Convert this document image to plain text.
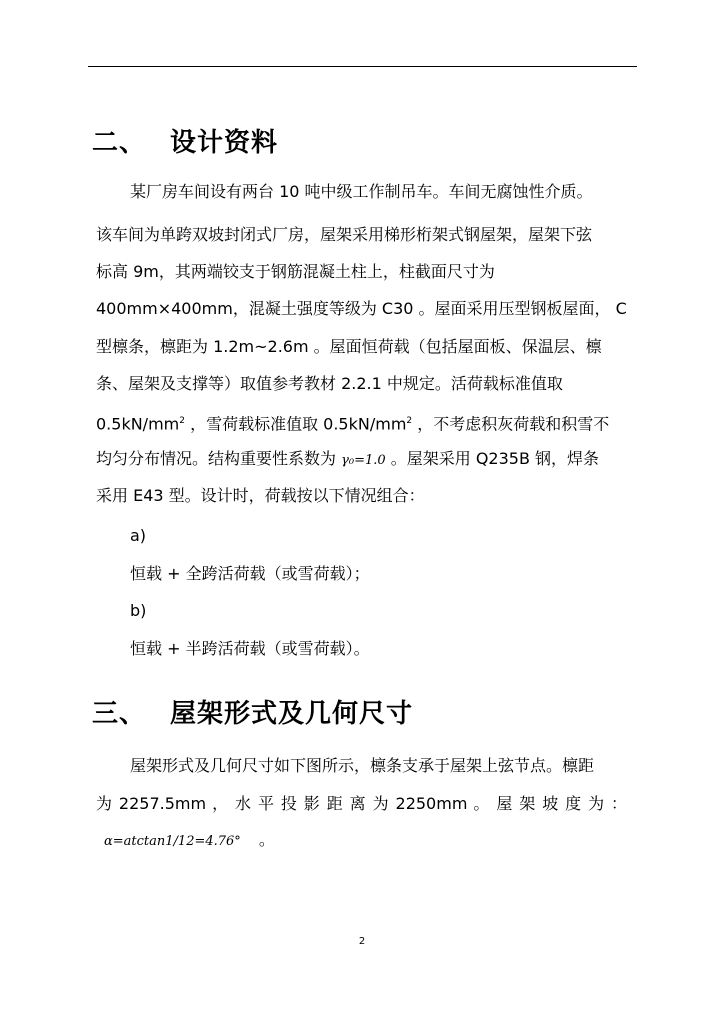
二、 设计资料
某厂房车间设有两台 10 吨中级工作制吊车。车间无腐蚀性介质。
该车间为单跨双坡封闭式厂房，屋架采用梯形桁架式钢屋架，屋架下弦
标高 9m，其两端铰支于钢筋混凝土柱上，柱截面尺寸为
400mm×400mm，混凝土强度等级为 C30 。屋面采用压型钢板屋面， C
型檩条，檩距为 1.2m~2.6m 。屋面恒荷载（包括屋面板、保温层、檩
条、屋架及支撑等）取值参考教材 2.2.1 中规定。活荷载标准值取
$0.5kN/mm^2$ ，雪荷载标准值取 $0.5kN/mm^2$ ，不考虑积灰荷载和积雪不
均匀分布情况。结构重要性系数为 γ₀=1.0 。屋架采用 Q235B 钢，焊条
采用 E43 型。设计时，荷载按以下情况组合：
a)
恒载 + 全跨活荷载（或雪荷载）；
b)
恒载 + 半跨活荷载（或雪荷载）。
三、 屋架形式及几何尺寸
屋架形式及几何尺寸如下图所示，檩条支承于屋架上弦节点。檩距
为 2257.5mm ， 水 平 投 影 距 离 为 2250mm 。 屋 架 坡 度 为 ：
α=atctan1/12=4.76° 。
2
